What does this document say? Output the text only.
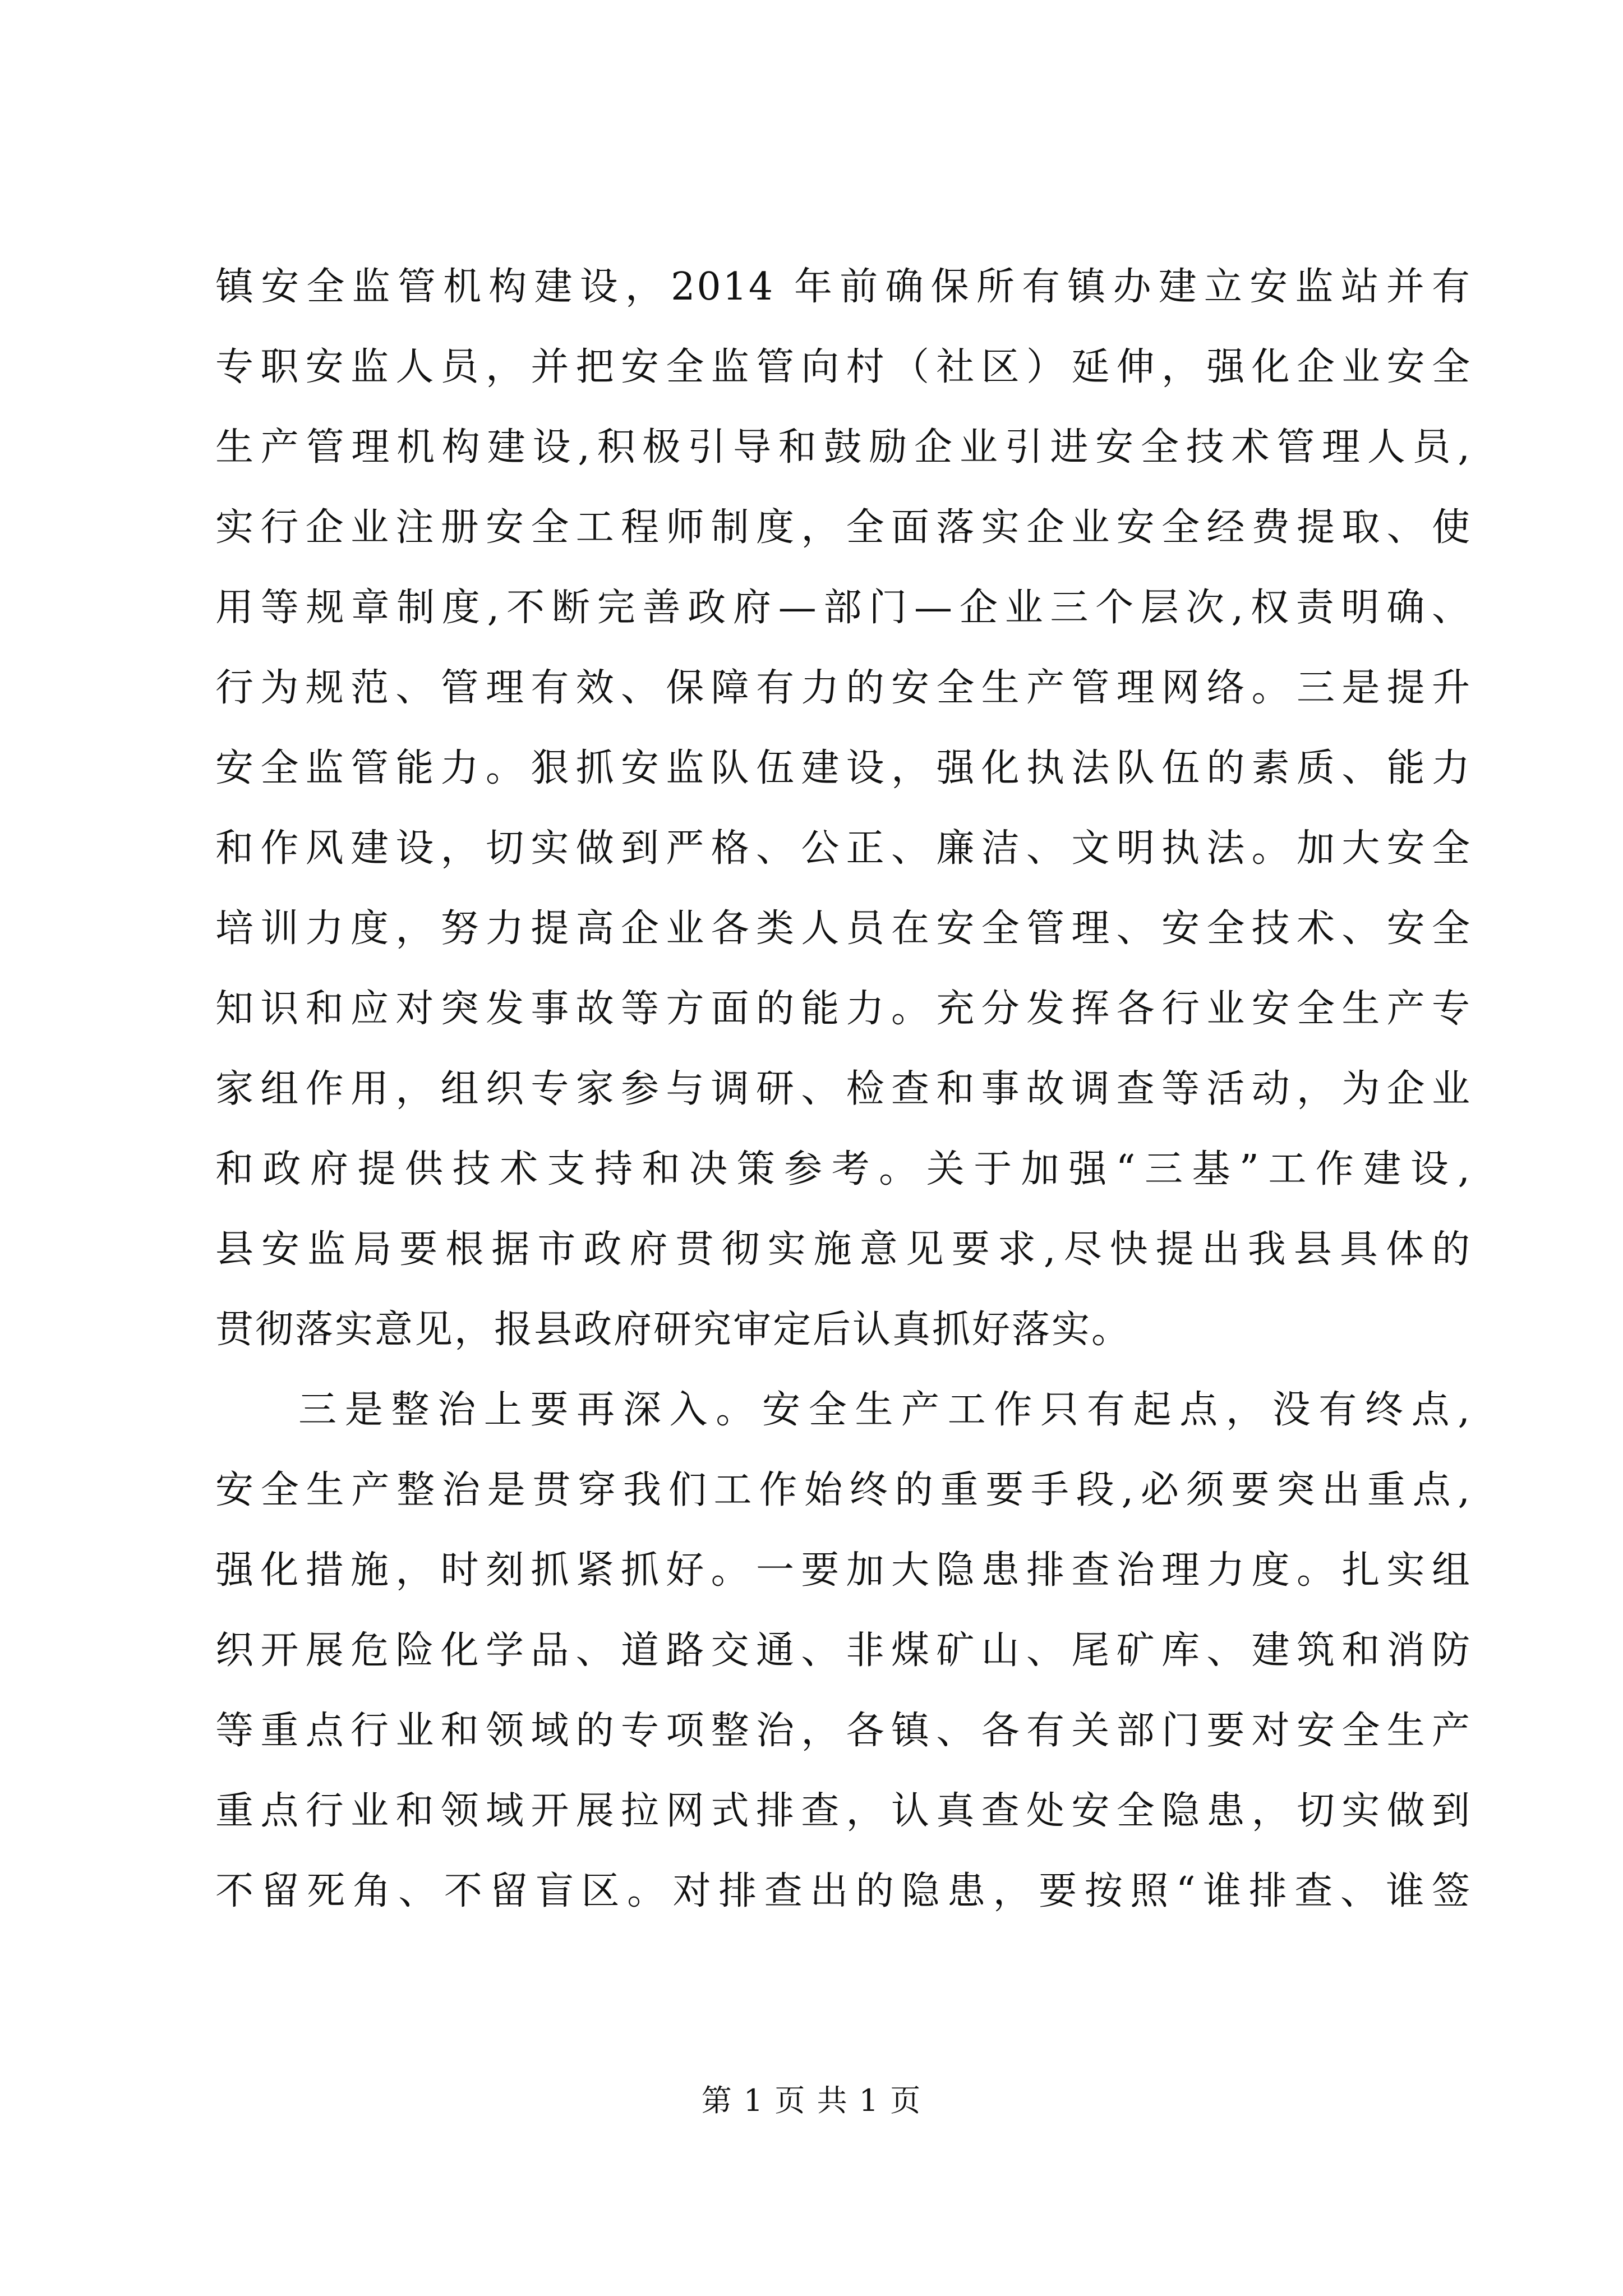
镇安全监管机构建设，2014 年前确保所有镇办建立安监站并有
专职安监人员，并把安全监管向村（社区）延伸，强化企业安全
生产管理机构建设,积极引导和鼓励企业引进安全技术管理人员,
实行企业注册安全工程师制度，全面落实企业安全经费提取、使
用等规章制度,不断完善政府—部门—企业三个层次,权责明确、
行为规范、管理有效、保障有力的安全生产管理网络。三是提升
安全监管能力。狠抓安监队伍建设，强化执法队伍的素质、能力
和作风建设，切实做到严格、公正、廉洁、文明执法。加大安全
培训力度，努力提高企业各类人员在安全管理、安全技术、安全
知识和应对突发事故等方面的能力。充分发挥各行业安全生产专
家组作用，组织专家参与调研、检查和事故调查等活动，为企业
和政府提供技术支持和决策参考。关于加强“三基”工作建设,
县安监局要根据市政府贯彻实施意见要求,尽快提出我县具体的
贯彻落实意见，报县政府研究审定后认真抓好落实。
三是整治上要再深入。安全生产工作只有起点，没有终点,
安全生产整治是贯穿我们工作始终的重要手段,必须要突出重点,
强化措施，时刻抓紧抓好。一要加大隐患排查治理力度。扎实组
织开展危险化学品、道路交通、非煤矿山、尾矿库、建筑和消防
等重点行业和领域的专项整治，各镇、各有关部门要对安全生产
重点行业和领域开展拉网式排查，认真查处安全隐患，切实做到
不留死角、不留盲区。对排查出的隐患，要按照“谁排查、谁签
第 1 页 共 1 页
